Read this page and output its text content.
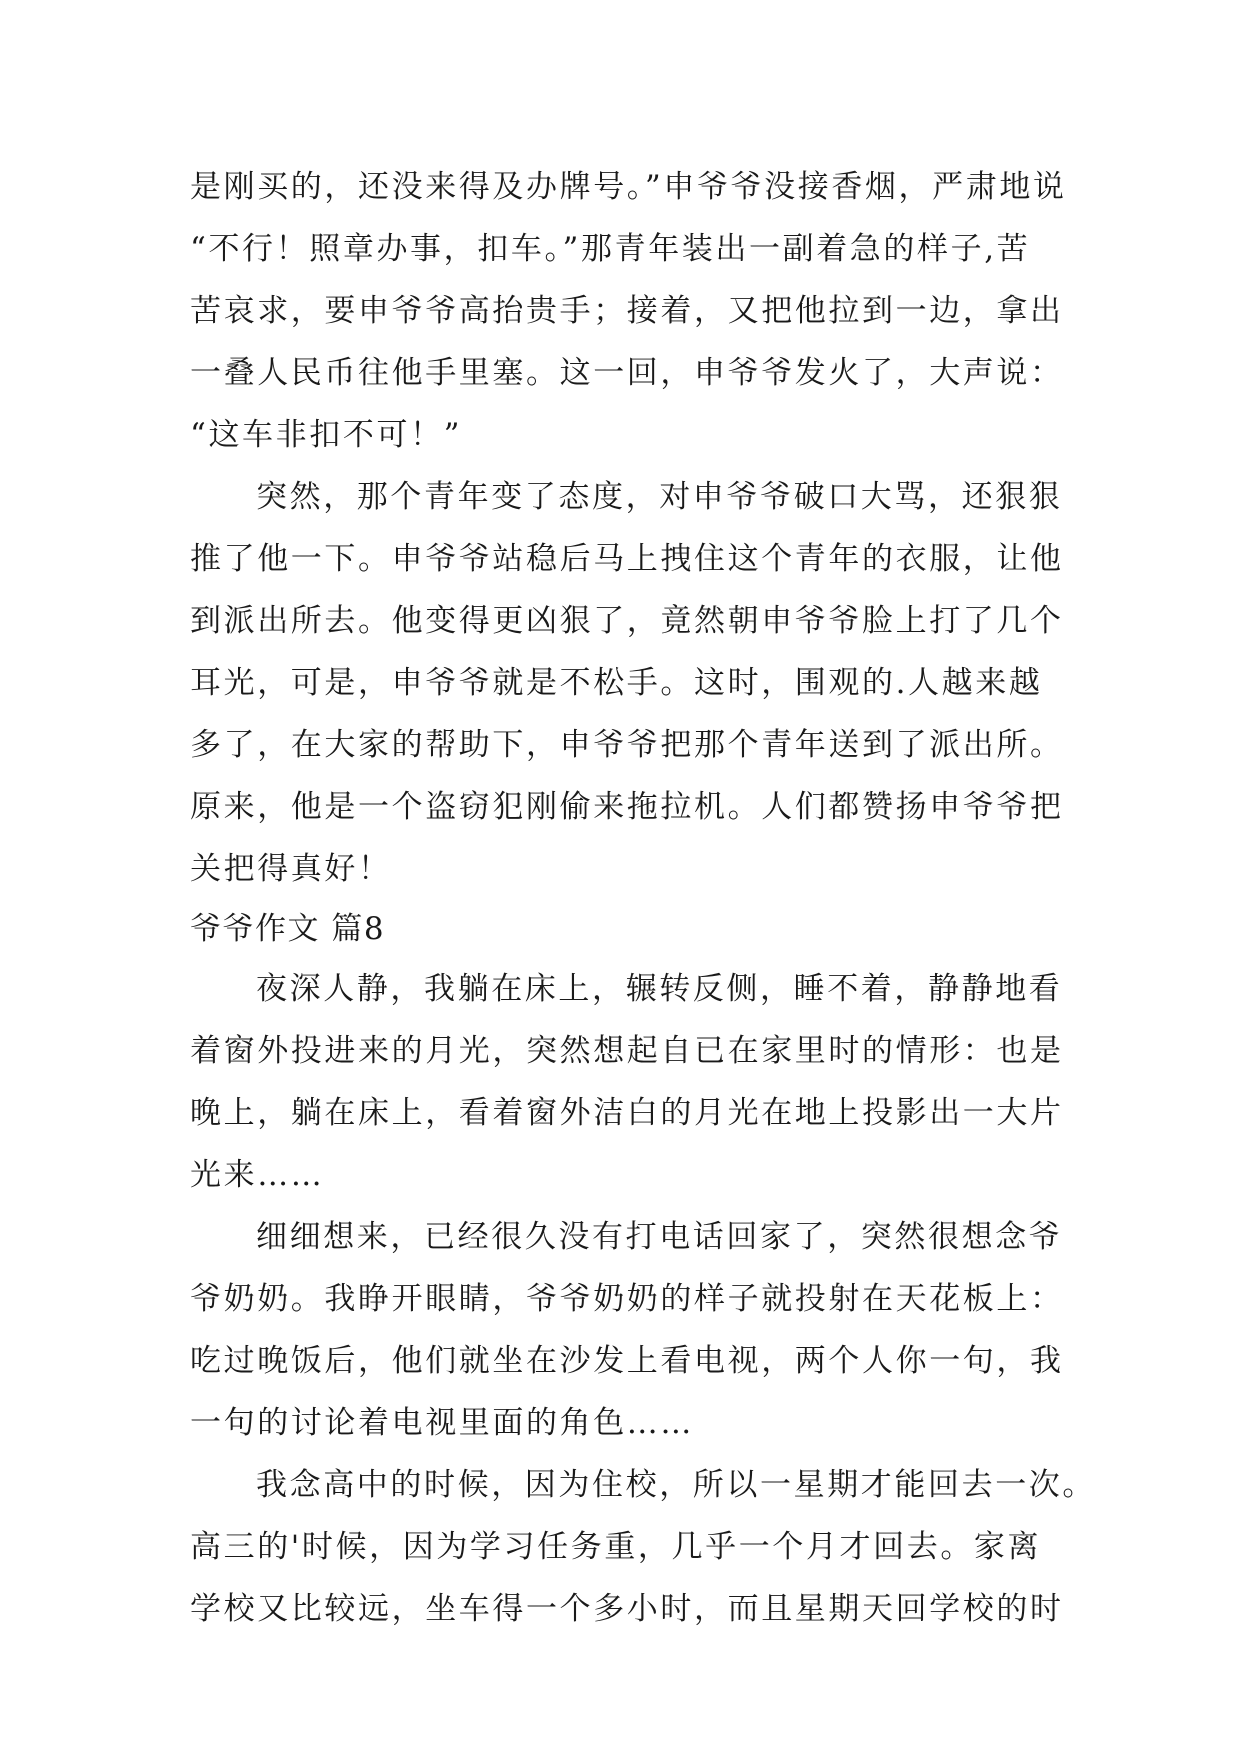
是刚买的，还没来得及办牌号。”申爷爷没接香烟，严肃地说
“不行！照章办事，扣车。”那青年装出一副着急的样子,苦
苦哀求，要申爷爷高抬贵手；接着，又把他拉到一边，拿出
一叠人民币往他手里塞。这一回，申爷爷发火了，大声说：
“这车非扣不可！”
突然，那个青年变了态度，对申爷爷破口大骂，还狠狠
推了他一下。申爷爷站稳后马上拽住这个青年的衣服，让他
到派出所去。他变得更凶狠了，竟然朝申爷爷脸上打了几个
耳光，可是，申爷爷就是不松手。这时，围观的.人越来越
多了，在大家的帮助下，申爷爷把那个青年送到了派出所。
原来，他是一个盗窃犯刚偷来拖拉机。人们都赞扬申爷爷把
关把得真好！
爷爷作文 篇8
夜深人静，我躺在床上，辗转反侧，睡不着，静静地看
着窗外投进来的月光，突然想起自已在家里时的情形：也是
晚上，躺在床上，看着窗外洁白的月光在地上投影出一大片
光来……
细细想来，已经很久没有打电话回家了，突然很想念爷
爷奶奶。我睁开眼睛，爷爷奶奶的样子就投射在天花板上：
吃过晚饭后，他们就坐在沙发上看电视，两个人你一句，我
一句的讨论着电视里面的角色……
我念高中的时候，因为住校，所以一星期才能回去一次。
高三的'时候，因为学习任务重，几乎一个月才回去。家离
学校又比较远，坐车得一个多小时，而且星期天回学校的时
